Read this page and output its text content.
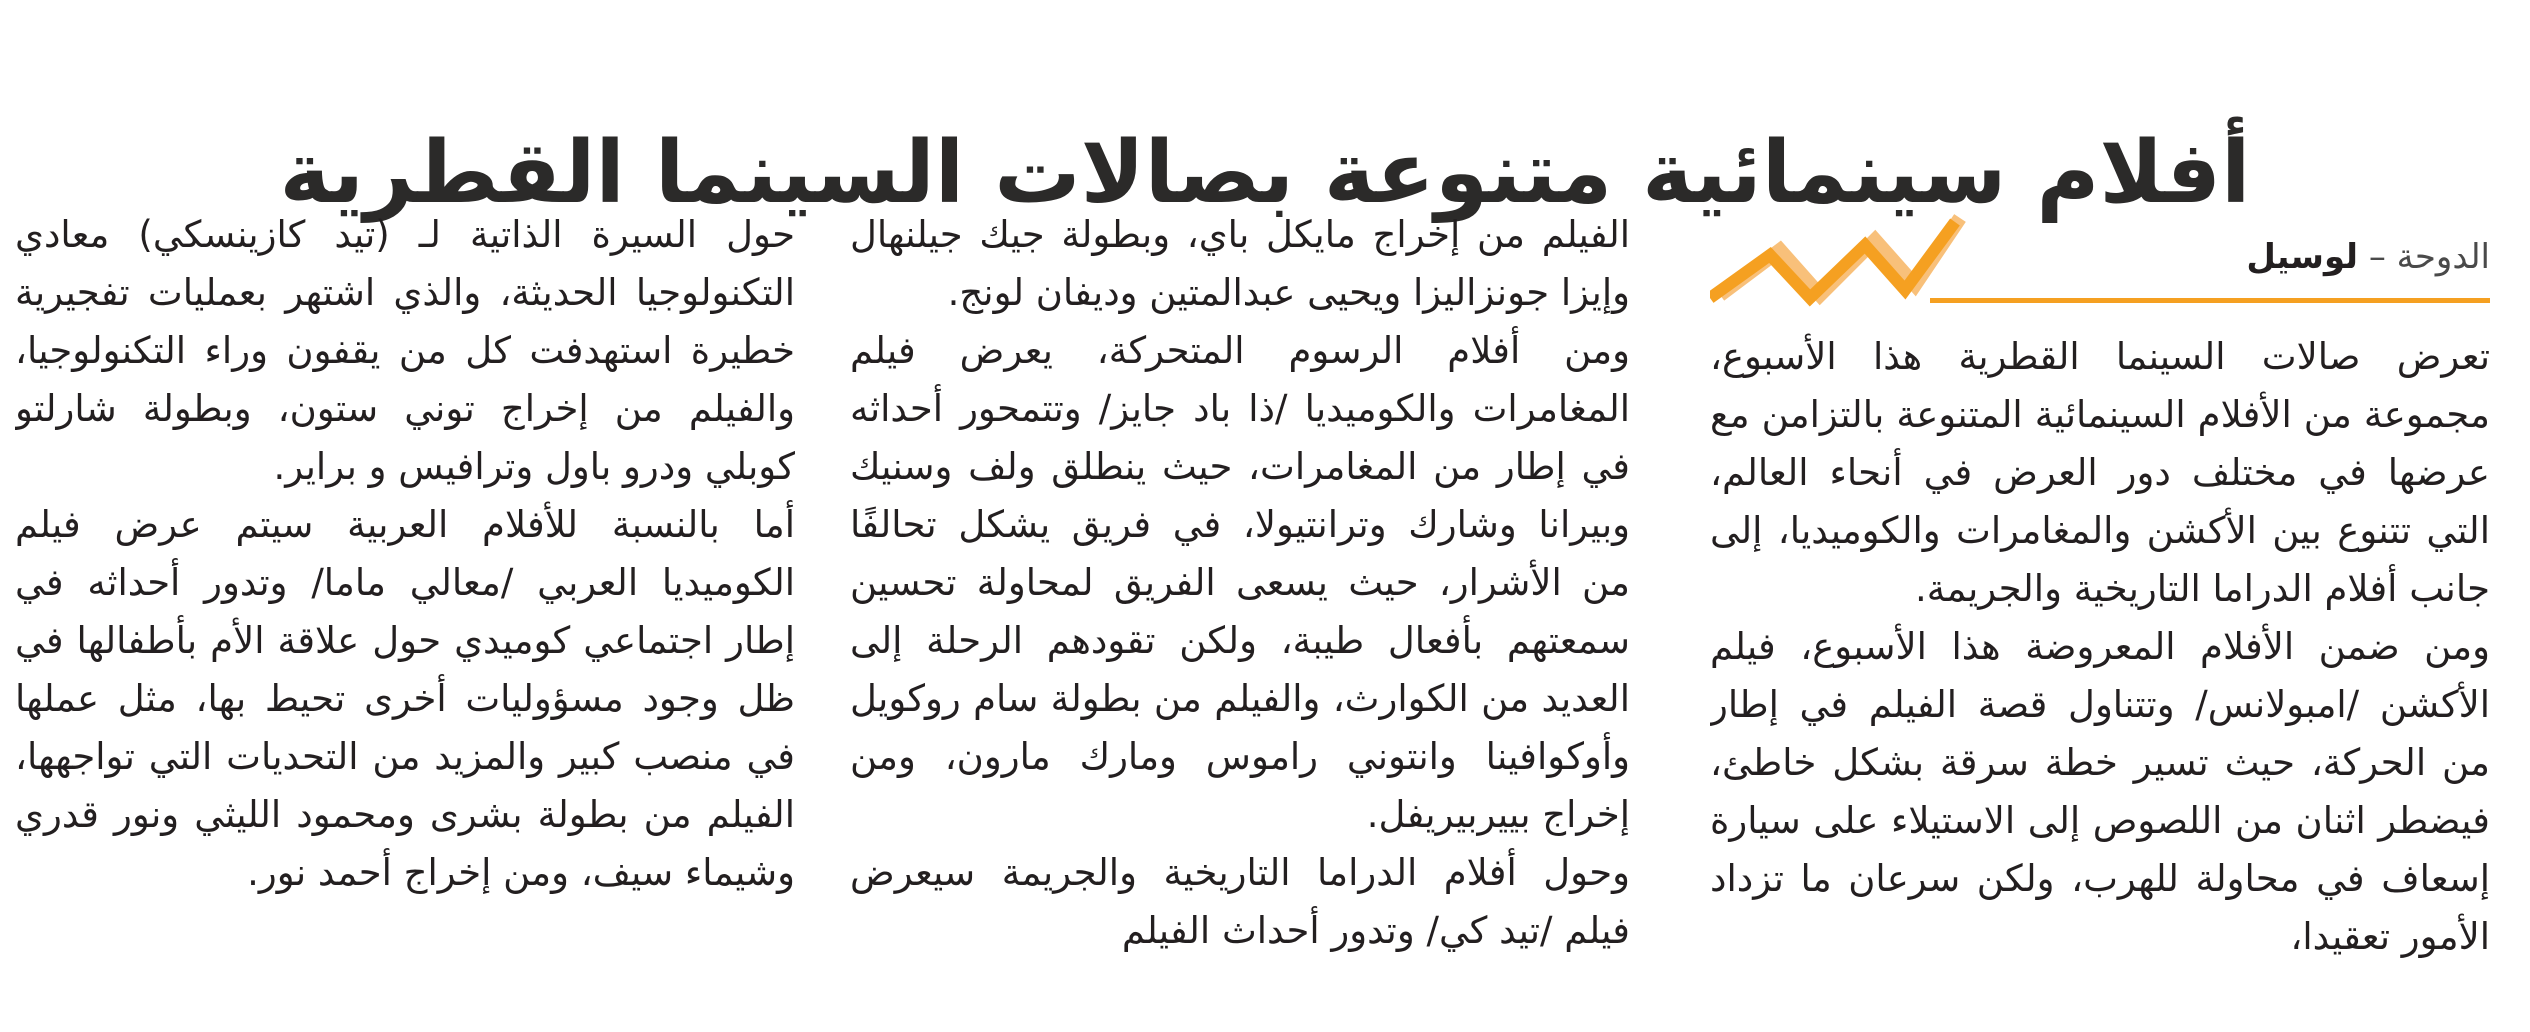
أفلام سينمائية متنوعة بصالات السينما القطرية
الدوحة – لوسيل

تعرض صالات السينما القطرية هذا الأسبوع، مجموعة من الأفلام السينمائية المتنوعة بالتزامن مع عرضها في مختلف دور العرض في أنحاء العالم، التي تتنوع بين الأكشن والمغامرات والكوميديا، إلى جانب أفلام الدراما التاريخية والجريمة.

ومن ضمن الأفلام المعروضة هذا الأسبوع، فيلم الأكشن /امبولانس/ وتتناول قصة الفيلم في إطار من الحركة، حيث تسير خطة سرقة بشكل خاطئ، فيضطر اثنان من اللصوص إلى الاستيلاء على سيارة إسعاف في محاولة للهرب، ولكن سرعان ما تزداد الأمور تعقيدا،

الفيلم من إخراج مايكل باي، وبطولة جيك جيلنهال وإيزا جونزاليزا ويحيى عبدالمتين وديفان لونج.

ومن أفلام الرسوم المتحركة، يعرض فيلم المغامرات والكوميديا /ذا باد جايز/ وتتمحور أحداثه في إطار من المغامرات، حيث ينطلق ولف وسنيك وبيرانا وشارك وترانتيولا، في فريق يشكل تحالفًا من الأشرار، حيث يسعى الفريق لمحاولة تحسين سمعتهم بأفعال طيبة، ولكن تقودهم الرحلة إلى العديد من الكوارث، والفيلم من بطولة سام روكويل وأوكوافينا وانتوني راموس ومارك مارون، ومن إخراج بييربيريفل.

وحول أفلام الدراما التاريخية والجريمة سيعرض فيلم /تيد كي/ وتدور أحداث الفيلم

حول السيرة الذاتية لـ (تيد كازينسكي) معادي التكنولوجيا الحديثة، والذي اشتهر بعمليات تفجيرية خطيرة استهدفت كل من يقفون وراء التكنولوجيا، والفيلم من إخراج توني ستون، وبطولة شارلتو كوبلي ودرو باول وترافيس و براير.

أما بالنسبة للأفلام العربية سيتم عرض فيلم الكوميديا العربي /معالي ماما/ وتدور أحداثه في إطار اجتماعي كوميدي حول علاقة الأم بأطفالها في ظل وجود مسؤوليات أخرى تحيط بها، مثل عملها في منصب كبير والمزيد من التحديات التي تواجهها، الفيلم من بطولة بشرى ومحمود الليثي ونور قدري وشيماء سيف، ومن إخراج أحمد نور.
